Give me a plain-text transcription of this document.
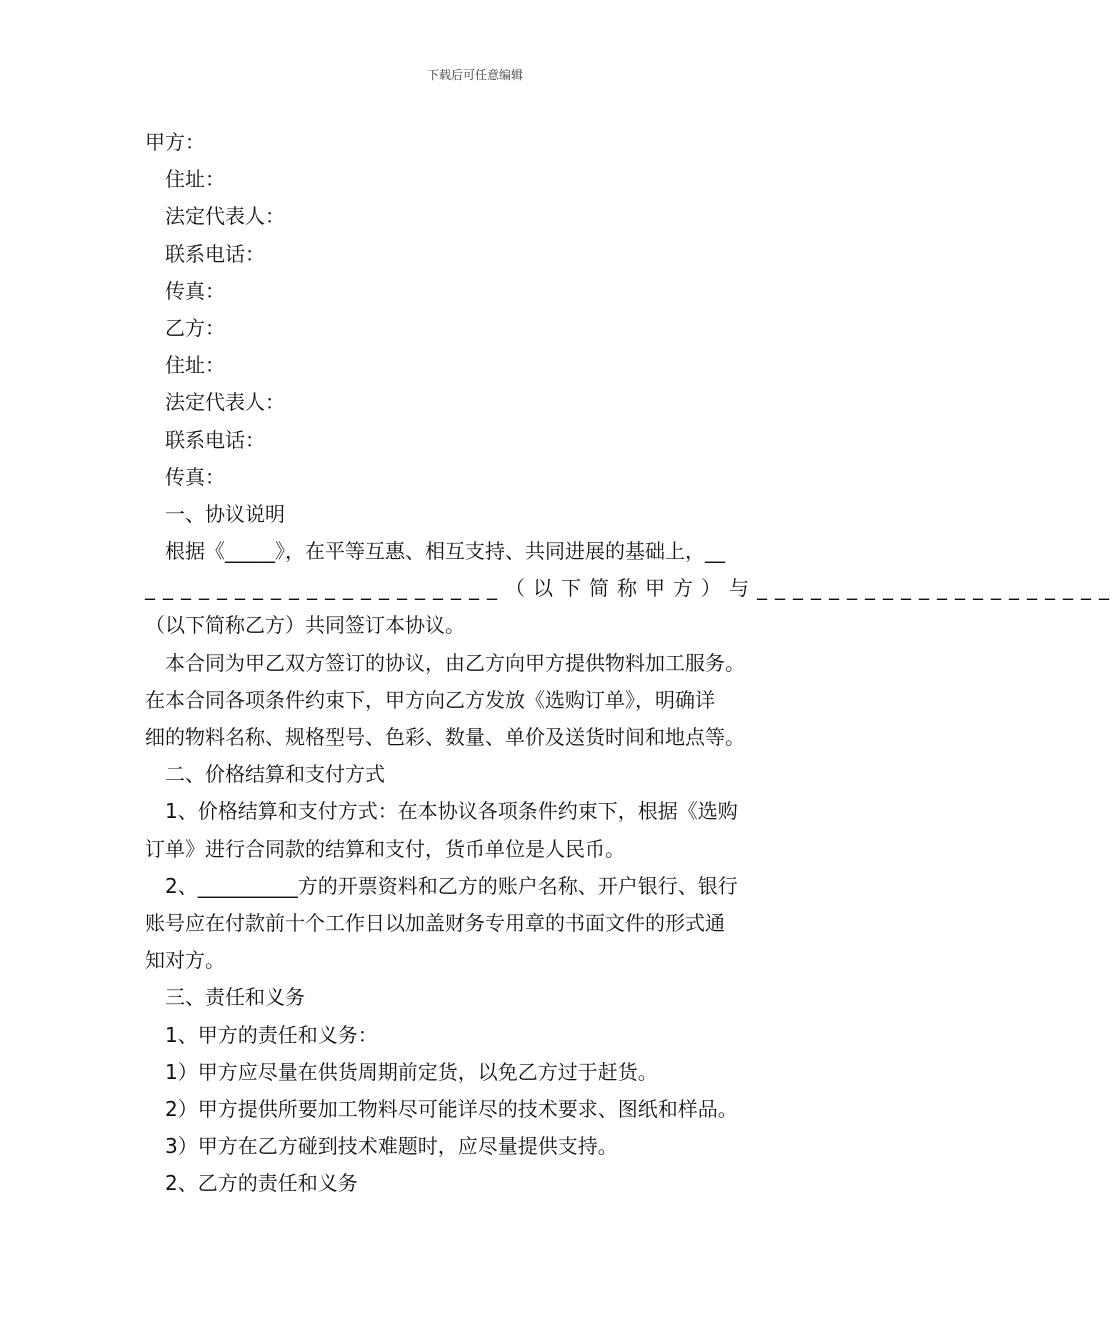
下载后可任意编辑
甲方：
住址：
法定代表人：
联系电话：
传真：
乙方：
住址：
法定代表人：
联系电话：
传真：
一、协议说明
根据《_____》，在平等互惠、相互支持、共同进展的基础上，__
____________________（以下简称甲方）与____________________
（以下简称乙方）共同签订本协议。
本合同为甲乙双方签订的协议，由乙方向甲方提供物料加工服务。
在本合同各项条件约束下，甲方向乙方发放《选购订单》，明确详
细的物料名称、规格型号、色彩、数量、单价及送货时间和地点等。
二、价格结算和支付方式
1、价格结算和支付方式：在本协议各项条件约束下，根据《选购
订单》进行合同款的结算和支付，货币单位是人民币。
2、__________方的开票资料和乙方的账户名称、开户银行、银行
账号应在付款前十个工作日以加盖财务专用章的书面文件的形式通
知对方。
三、责任和义务
1、甲方的责任和义务：
1）甲方应尽量在供货周期前定货，以免乙方过于赶货。
2）甲方提供所要加工物料尽可能详尽的技术要求、图纸和样品。
3）甲方在乙方碰到技术难题时，应尽量提供支持。
2、乙方的责任和义务
